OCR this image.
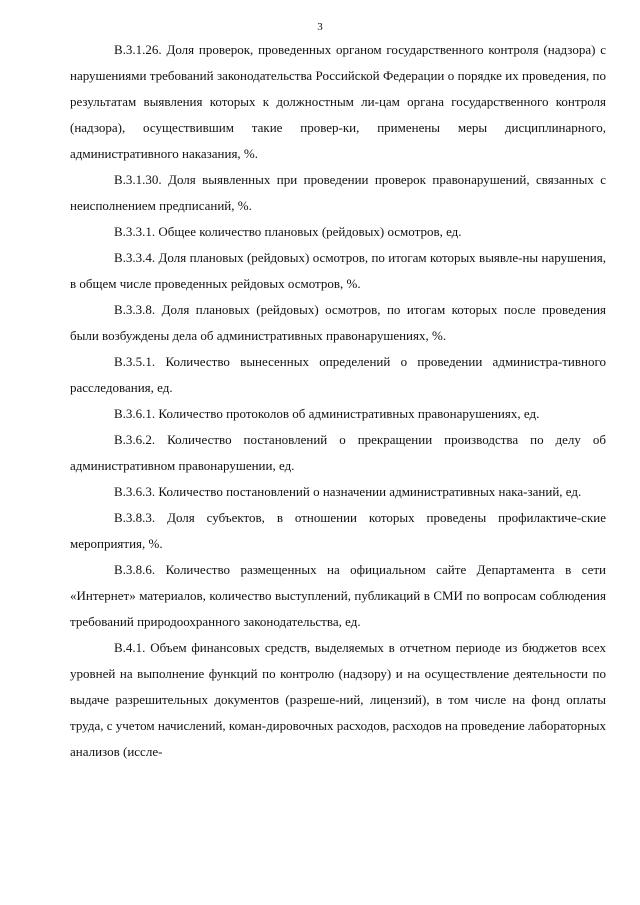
3

В.3.1.26. Доля проверок, проведенных органом государственного контроля (надзора) с нарушениями требований законодательства Российской Федерации о порядке их проведения, по результатам выявления которых к должностным ли-цам органа государственного контроля (надзора), осуществившим такие провер-ки, применены меры дисциплинарного, административного наказания, %.

В.3.1.30. Доля выявленных при проведении проверок правонарушений, связанных с неисполнением предписаний, %.

В.3.3.1. Общее количество плановых (рейдовых) осмотров, ед.

В.3.3.4. Доля плановых (рейдовых) осмотров, по итогам которых выявле-ны нарушения, в общем числе проведенных рейдовых осмотров, %.

В.3.3.8. Доля плановых (рейдовых) осмотров, по итогам которых после проведения были возбуждены дела об административных правонарушениях, %.

В.3.5.1. Количество вынесенных определений о проведении администра-тивного расследования, ед.

В.3.6.1. Количество протоколов об административных правонарушениях, ед.

В.3.6.2. Количество постановлений о прекращении производства по делу об административном правонарушении, ед.

В.3.6.3. Количество постановлений о назначении административных нака-заний, ед.

В.3.8.3. Доля субъектов, в отношении которых проведены профилактиче-ские мероприятия, %.

В.3.8.6. Количество размещенных на официальном сайте Департамента в сети «Интернет» материалов, количество выступлений, публикаций в СМИ по вопросам соблюдения требований природоохранного законодательства, ед.

В.4.1. Объем финансовых средств, выделяемых в отчетном периоде из бюджетов всех уровней на выполнение функций по контролю (надзору) и на осуществление деятельности по выдаче разрешительных документов (разреше-ний, лицензий), в том числе на фонд оплаты труда, с учетом начислений, коман-дировочных расходов, расходов на проведение лабораторных анализов (иссле-
